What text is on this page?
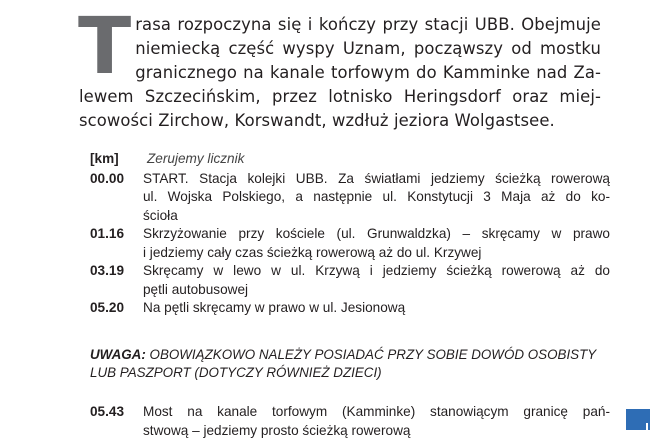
T rasa rozpoczyna się i kończy przy stacji UBB. Obejmuje
niemiecką część wyspy Uznam, począwszy od mostku
granicznego na kanale torfowym do Kamminke nad Za-
lewem Szczecińskim, przez lotnisko Heringsdorf oraz miej-
scowości Zirchow, Korswandt, wzdłuż jeziora Wolgastsee.
[km]	Zerujemy licznik
00.00	START. Stacja kolejki UBB. Za światłami jedziemy ścieżką rowerową
ul. Wojska Polskiego, a następnie ul. Konstytucji 3 Maja aż do ko-
ścioła
01.16	Skrzyżowanie przy kościele (ul. Grunwaldzka) – skręcamy w prawo
i jedziemy cały czas ścieżką rowerową aż do ul. Krzywej
03.19	Skręcamy w lewo w ul. Krzywą i jedziemy ścieżką rowerową aż do
pętli autobusowej
05.20	Na pętli skręcamy w prawo w ul. Jesionową
UWAGA: OBOWIĄZKOWO NALEŻY POSIADAĆ PRZY SOBIE DOWÓD OSOBISTY
LUB PASZPORT (DOTYCZY RÓWNIEŻ DZIECI)
05.43	Most na kanale torfowym (Kamminke) stanowiącym granicę pań-
stwową – jedziemy prosto ścieżką rowerową
